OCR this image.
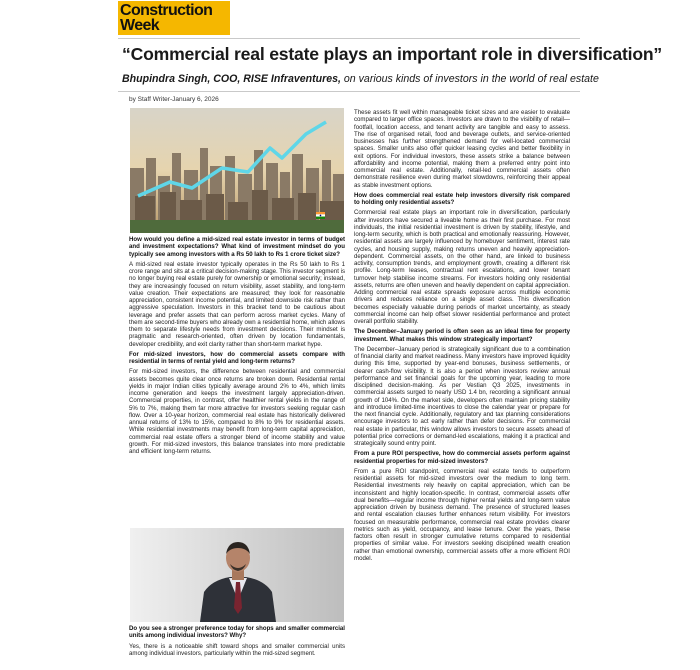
Construction
Week
“Commercial real estate plays an important role in diversification”
Bhupindra Singh, COO, RISE Infraventures, on various kinds of investors in the world of real estate
by Staff Writer-January 6, 2026

How would you define a mid-sized real estate investor in terms of budget and investment expectations? What kind of investment mindset do you typically see among investors with a Rs 50 lakh to Rs 1 crore ticket size?

A mid-sized real estate investor typically operates in the Rs 50 lakh to Rs 1 crore range and sits at a critical decision-making stage. This investor segment is no longer buying real estate purely for ownership or emotional security; instead, they are increasingly focused on return visibility, asset stability, and long-term value creation. Their expectations are measured; they look for reasonable appreciation, consistent income potential, and limited downside risk rather than aggressive speculation. Investors in this bracket tend to be cautious about leverage and prefer assets that can perform across market cycles. Many of them are second-time buyers who already own a residential home, which allows them to separate lifestyle needs from investment decisions. Their mindset is pragmatic and research-oriented, often driven by location fundamentals, developer credibility, and exit clarity rather than short-term market hype.

For mid-sized investors, how do commercial assets compare with residential in terms of rental yield and long-term returns?

For mid-sized investors, the difference between residential and commercial assets becomes quite clear once returns are broken down. Residential rental yields in major Indian cities typically average around 2% to 4%, which limits income generation and keeps the investment largely appreciation-driven. Commercial properties, in contrast, offer healthier rental yields in the range of 5% to 7%, making them far more attractive for investors seeking regular cash flow. Over a 10-year horizon, commercial real estate has historically delivered annual returns of 13% to 15%, compared to 8% to 9% for residential assets. While residential investments may benefit from long-term capital appreciation, commercial real estate offers a stronger blend of income stability and value growth. For mid-sized investors, this balance translates into more predictable and efficient long-term returns.

Do you see a stronger preference today for shops and smaller commercial units among individual investors? Why?

Yes, there is a noticeable shift toward shops and smaller commercial units among individual investors, particularly within the mid-sized segment.

These assets fit well within manageable ticket sizes and are easier to evaluate compared to larger office spaces. Investors are drawn to the visibility of retail—footfall, location access, and tenant activity are tangible and easy to assess. The rise of organised retail, food and beverage outlets, and service-oriented businesses has further strengthened demand for well-located commercial spaces. Smaller units also offer quicker leasing cycles and better flexibility in exit options. For individual investors, these assets strike a balance between affordability and income potential, making them a preferred entry point into commercial real estate. Additionally, retail-led commercial assets often demonstrate resilience even during market slowdowns, reinforcing their appeal as stable investment options.

How does commercial real estate help investors diversify risk compared to holding only residential assets?

Commercial real estate plays an important role in diversification, particularly after investors have secured a liveable home as their first purchase. For most individuals, the initial residential investment is driven by stability, lifestyle, and long-term security, which is both practical and emotionally reassuring. However, residential assets are largely influenced by homebuyer sentiment, interest rate cycles, and housing supply, making returns uneven and heavily appreciation-dependent. Commercial assets, on the other hand, are linked to business activity, consumption trends, and employment growth, creating a different risk profile. Long-term leases, contractual rent escalations, and lower tenant turnover help stabilise income streams. For investors holding only residential assets, returns are often uneven and heavily dependent on capital appreciation. Adding commercial real estate spreads exposure across multiple economic drivers and reduces reliance on a single asset class. This diversification becomes especially valuable during periods of market uncertainty, as steady commercial income can help offset slower residential performance and protect overall portfolio stability.

The December–January period is often seen as an ideal time for property investment. What makes this window strategically important?

The December–January period is strategically significant due to a combination of financial clarity and market readiness. Many investors have improved liquidity during this time, supported by year-end bonuses, business settlements, or clearer cash-flow visibility. It is also a period when investors review annual performance and set financial goals for the upcoming year, leading to more disciplined decision-making. As per Vestian Q3 2025, investments in commercial assets surged to nearly USD 1.4 bn, recording a significant annual growth of 104%. On the market side, developers often maintain pricing stability and introduce limited-time incentives to close the calendar year or prepare for the next financial cycle. Additionally, regulatory and tax planning considerations encourage investors to act early rather than defer decisions. For commercial real estate in particular, this window allows investors to secure assets ahead of potential price corrections or demand-led escalations, making it a practical and strategically sound entry point.

From a pure ROI perspective, how do commercial assets perform against residential properties for mid-sized investors?

From a pure ROI standpoint, commercial real estate tends to outperform residential assets for mid-sized investors over the medium to long term. Residential investments rely heavily on capital appreciation, which can be inconsistent and highly location-specific. In contrast, commercial assets offer dual benefits—regular income through higher rental yields and long-term value appreciation driven by business demand. The presence of structured leases and rental escalation clauses further enhances return visibility. For investors focused on measurable performance, commercial real estate provides clearer metrics such as yield, occupancy, and lease tenure. Over the years, these factors often result in stronger cumulative returns compared to residential properties of similar value. For investors seeking disciplined wealth creation rather than emotional ownership, commercial assets offer a more efficient ROI model.
